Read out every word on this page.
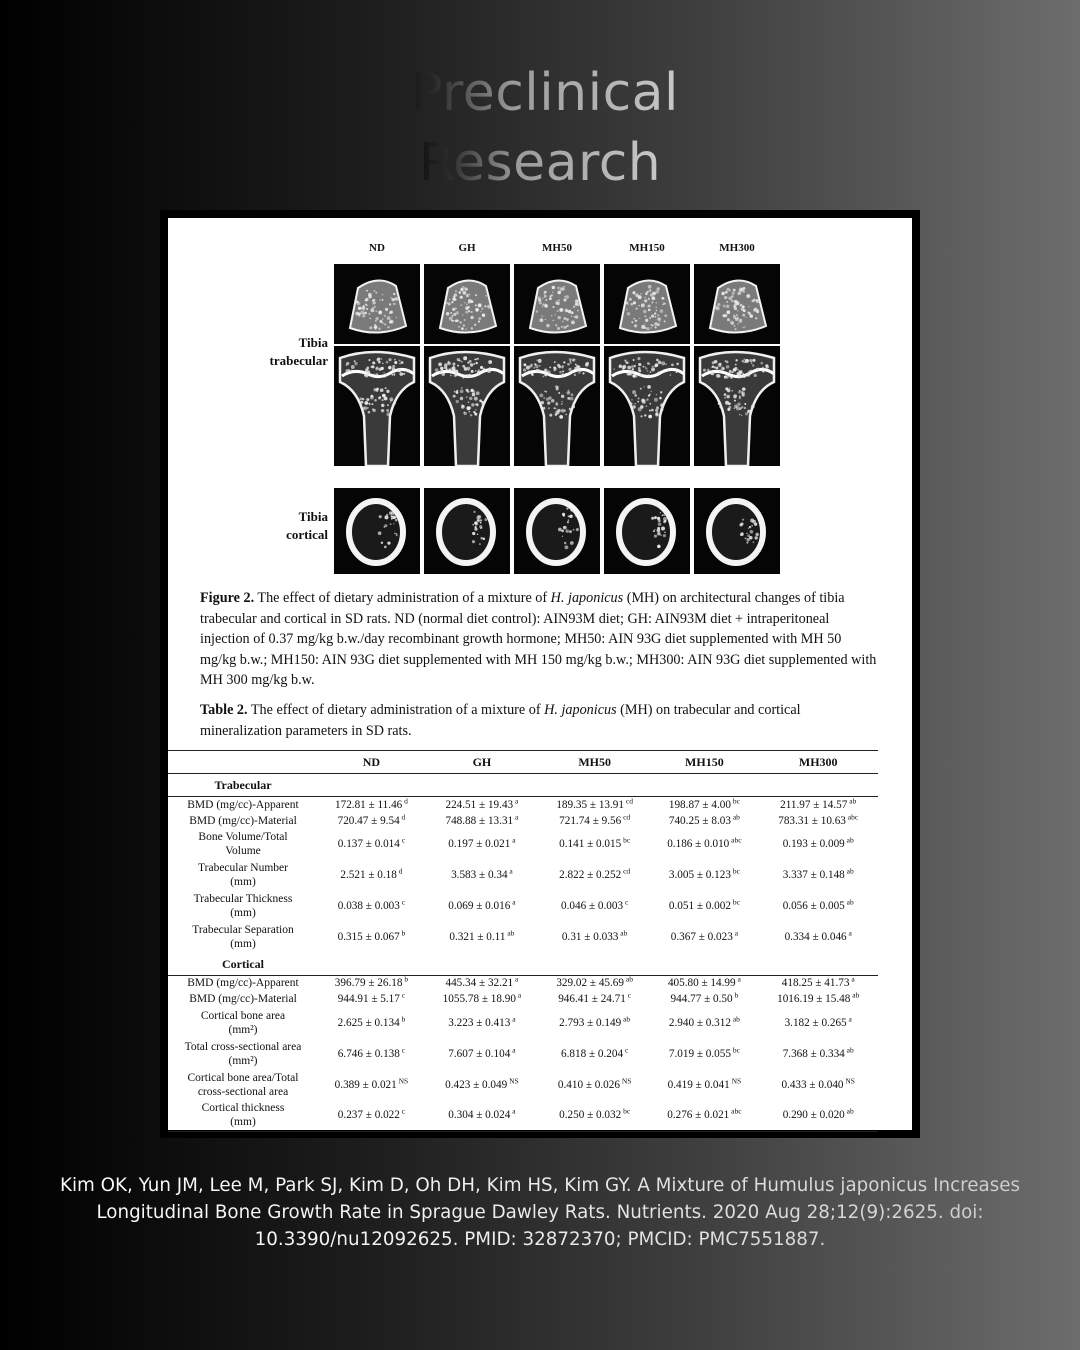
Preclinical
Research
ND	GH	MH50	MH150	MH300
Tibia
trabecular
Tibia
cortical
Figure 2. The effect of dietary administration of a mixture of H. japonicus (MH) on architectural changes of tibia trabecular and cortical in SD rats. ND (normal diet control): AIN93M diet; GH: AIN93M diet + intraperitoneal injection of 0.37 mg/kg b.w./day recombinant growth hormone; MH50: AIN 93G diet supplemented with MH 50 mg/kg b.w.; MH150: AIN 93G diet supplemented with MH 150 mg/kg b.w.; MH300: AIN 93G diet supplemented with MH 300 mg/kg b.w.
Table 2. The effect of dietary administration of a mixture of H. japonicus (MH) on trabecular and cortical mineralization parameters in SD rats.
	ND	GH	MH50	MH150	MH300
Trabecular					

BMD (mg/cc)-Apparent	172.81 ± 11.46 $^d$	224.51 ± 19.43 $^a$	189.35 ± 13.91 $^{cd}$	198.87 ± 4.00 $^{bc}$	211.97 ± 14.57 $^{ab}$

BMD (mg/cc)-Material	720.47 ± 9.54 $^d$	748.88 ± 13.31 $^a$	721.74 ± 9.56 $^{cd}$	740.25 ± 8.03 $^{ab}$	783.31 ± 10.63 $^{abc}$

Bone Volume/Total
Volume	0.137 ± 0.014 $^c$	0.197 ± 0.021 $^a$	0.141 ± 0.015 $^{bc}$	0.186 ± 0.010 $^{abc}$	0.193 ± 0.009 $^{ab}$

Trabecular Number
(mm)	2.521 ± 0.18 $^d$	3.583 ± 0.34 $^a$	2.822 ± 0.252 $^{cd}$	3.005 ± 0.123 $^{bc}$	3.337 ± 0.148 $^{ab}$

Trabecular Thickness
(mm)	0.038 ± 0.003 $^c$	0.069 ± 0.016 $^a$	0.046 ± 0.003 $^c$	0.051 ± 0.002 $^{bc}$	0.056 ± 0.005 $^{ab}$

Trabecular Separation
(mm)	0.315 ± 0.067 $^b$	0.321 ± 0.11 $^{ab}$	0.31 ± 0.033 $^{ab}$	0.367 ± 0.023 $^a$	0.334 ± 0.046 $^a$
Cortical					

BMD (mg/cc)-Apparent	396.79 ± 26.18 $^b$	445.34 ± 32.21 $^a$	329.02 ± 45.69 $^{ab}$	405.80 ± 14.99 $^a$	418.25 ± 41.73 $^a$

BMD (mg/cc)-Material	944.91 ± 5.17 $^c$	1055.78 ± 18.90 $^a$	946.41 ± 24.71 $^c$	944.77 ± 0.50 $^b$	1016.19 ± 15.48 $^{ab}$

Cortical bone area
(mm²)	2.625 ± 0.134 $^b$	3.223 ± 0.413 $^a$	2.793 ± 0.149 $^{ab}$	2.940 ± 0.312 $^{ab}$	3.182 ± 0.265 $^a$

Total cross-sectional area
(mm²)	6.746 ± 0.138 $^c$	7.607 ± 0.104 $^a$	6.818 ± 0.204 $^c$	7.019 ± 0.055 $^{bc}$	7.368 ± 0.334 $^{ab}$

Cortical bone area/Total
cross-sectional area	0.389 ± 0.021 $^{NS}$	0.423 ± 0.049 $^{NS}$	0.410 ± 0.026 $^{NS}$	0.419 ± 0.041 $^{NS}$	0.433 ± 0.040 $^{NS}$

Cortical thickness
(mm)	0.237 ± 0.022 $^c$	0.304 ± 0.024 $^a$	0.250 ± 0.032 $^{bc}$	0.276 ± 0.021 $^{abc}$	0.290 ± 0.020 $^{ab}$
Kim OK, Yun JM, Lee M, Park SJ, Kim D, Oh DH, Kim HS, Kim GY. A Mixture of Humulus japonicus Increases Longitudinal Bone Growth Rate in Sprague Dawley Rats. Nutrients. 2020 Aug 28;12(9):2625. doi: 10.3390/nu12092625. PMID: 32872370; PMCID: PMC7551887.
